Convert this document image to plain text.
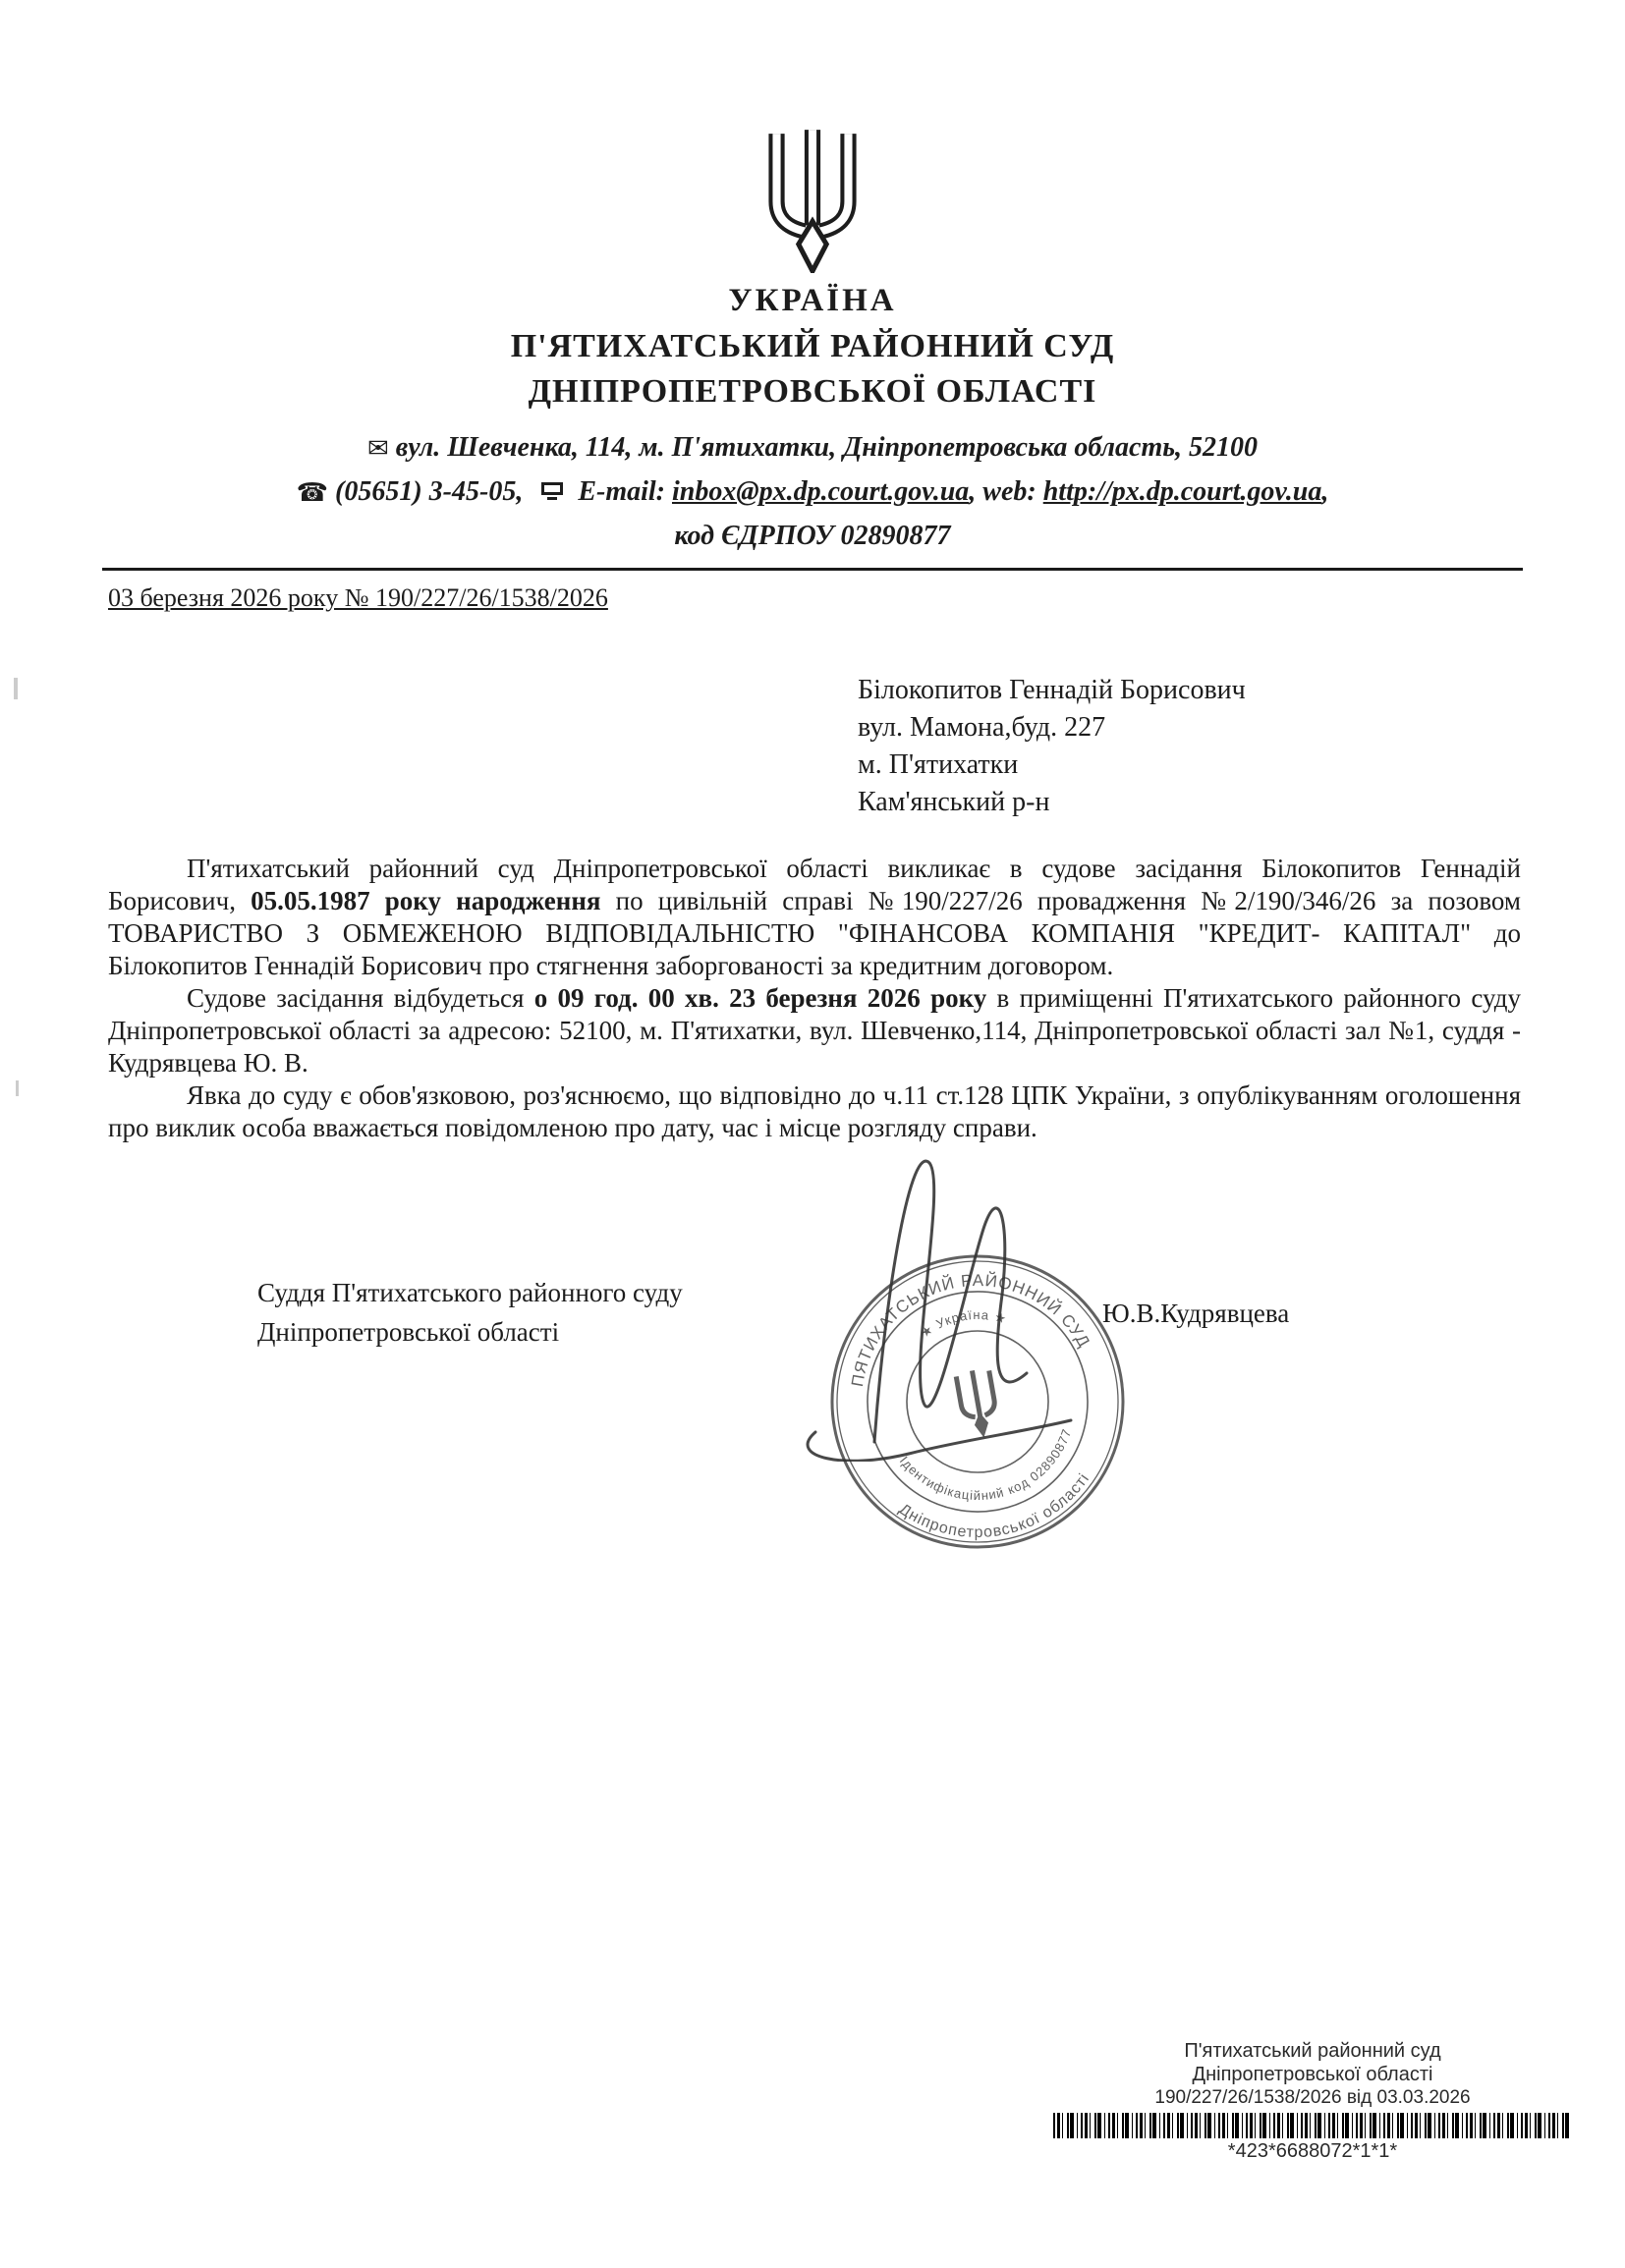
УКРАЇНА
П'ЯТИХАТСЬКИЙ РАЙОННИЙ СУД
ДНІПРОПЕТРОВСЬКОЇ ОБЛАСТІ
✉ вул. Шевченка, 114, м. П'ятихатки, Дніпропетровська область, 52100
☎ (05651) 3-45-05, E-mail: inbox@px.dp.court.gov.ua, web: http://px.dp.court.gov.ua,
код ЄДРПОУ 02890877
03 березня 2026 року № 190/227/26/1538/2026
Білокопитов Геннадій Борисович
вул. Мамона,буд. 227
м. П'ятихатки
Кам'янський р-н

П'ятихатський районний суд Дніпропетровської області викликає в судове засідання Білокопитов Геннадій Борисович, 05.05.1987 року народження по цивільній справі №190/227/26 провадження №2/190/346/26 за позовом ТОВАРИСТВО З ОБМЕЖЕНОЮ ВІДПОВІДАЛЬНІСТЮ "ФІНАНСОВА КОМПАНІЯ "КРЕДИТ- КАПІТАЛ" до Білокопитов Геннадій Борисович про стягнення заборгованості за кредитним договором.

Судове засідання відбудеться о 09 год. 00 хв. 23 березня 2026 року в приміщенні П'ятихатського районного суду Дніпропетровської області за адресою: 52100, м. П'ятихатки, вул. Шевченко,114, Дніпропетровської області зал №1, суддя - Кудрявцева Ю. В.

Явка до суду є обов'язковою, роз'яснюємо, що відповідно до ч.11 ст.128 ЦПК України, з опублікуванням оголошення про виклик особа вважається повідомленою про дату, час і місце розгляду справи.

Суддя П'ятихатського районного суду
Дніпропетровської області
Ю.В.Кудрявцева
ПЯТИХАТСЬКИЙ РАЙОННИЙ СУД
Дніпропетровської області
★ Україна ★
Ідентифікаційний код 02890877
П'ятихатський районний суд
Дніпропетровської області
190/227/26/1538/2026 від 03.03.2026
*423*6688072*1*1*
